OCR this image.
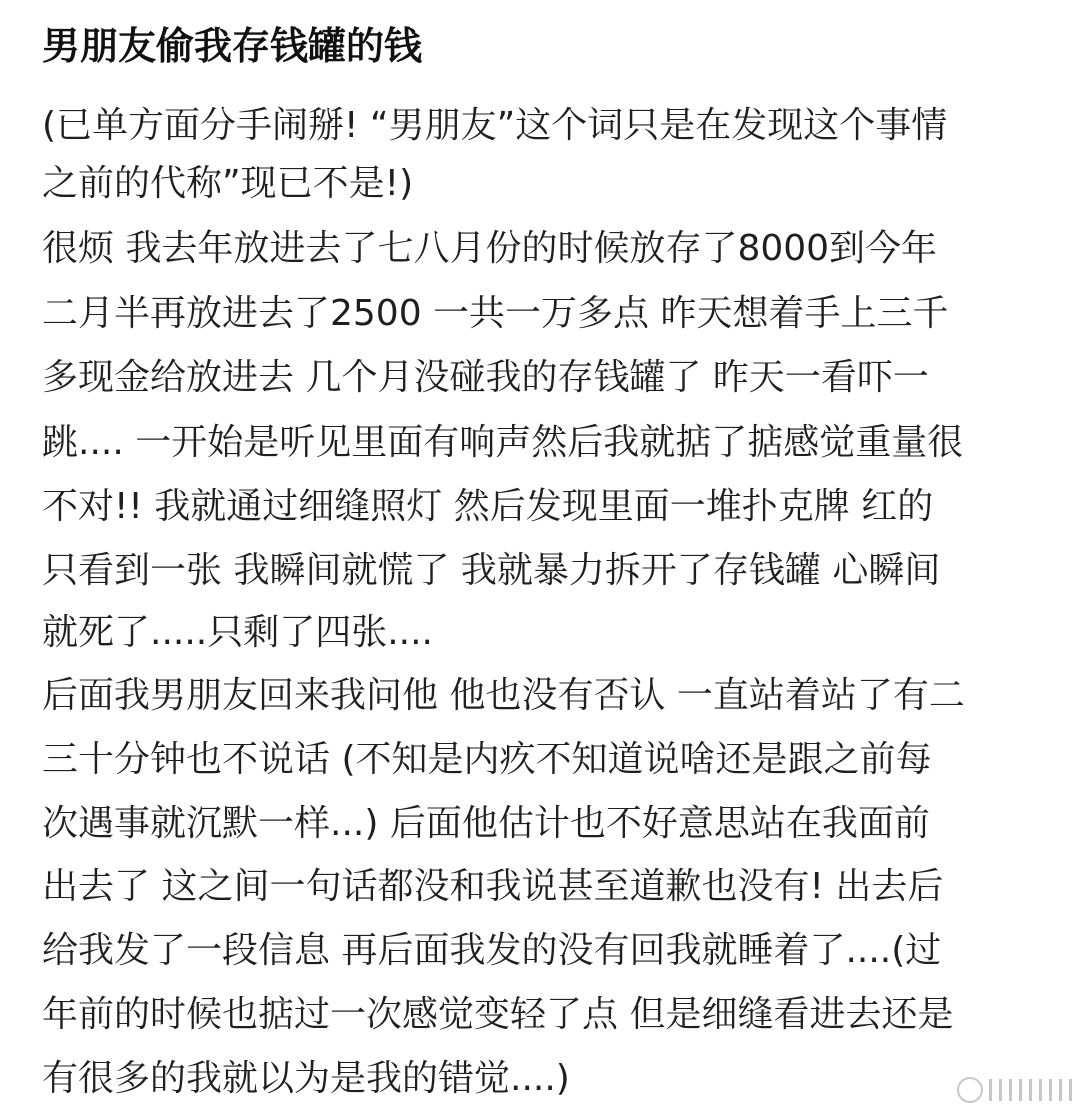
男朋友偷我存钱罐的钱
(已单方面分手闹掰! “男朋友”这个词只是在发现这个事情
之前的代称”现已不是!)
很烦 我去年放进去了七八月份的时候放存了8000到今年
二月半再放进去了2500 一共一万多点 昨天想着手上三千
多现金给放进去 几个月没碰我的存钱罐了 昨天一看吓一
跳.... 一开始是听见里面有响声然后我就掂了掂感觉重量很
不对!! 我就通过细缝照灯 然后发现里面一堆扑克牌 红的
只看到一张 我瞬间就慌了 我就暴力拆开了存钱罐 心瞬间
就死了.....只剩了四张....
后面我男朋友回来我问他 他也没有否认 一直站着站了有二
三十分钟也不说话 (不知是内疚不知道说啥还是跟之前每
次遇事就沉默一样...) 后面他估计也不好意思站在我面前
出去了 这之间一句话都没和我说甚至道歉也没有! 出去后
给我发了一段信息 再后面我发的没有回我就睡着了....(过
年前的时候也掂过一次感觉变轻了点 但是细缝看进去还是
有很多的我就以为是我的错觉....)
